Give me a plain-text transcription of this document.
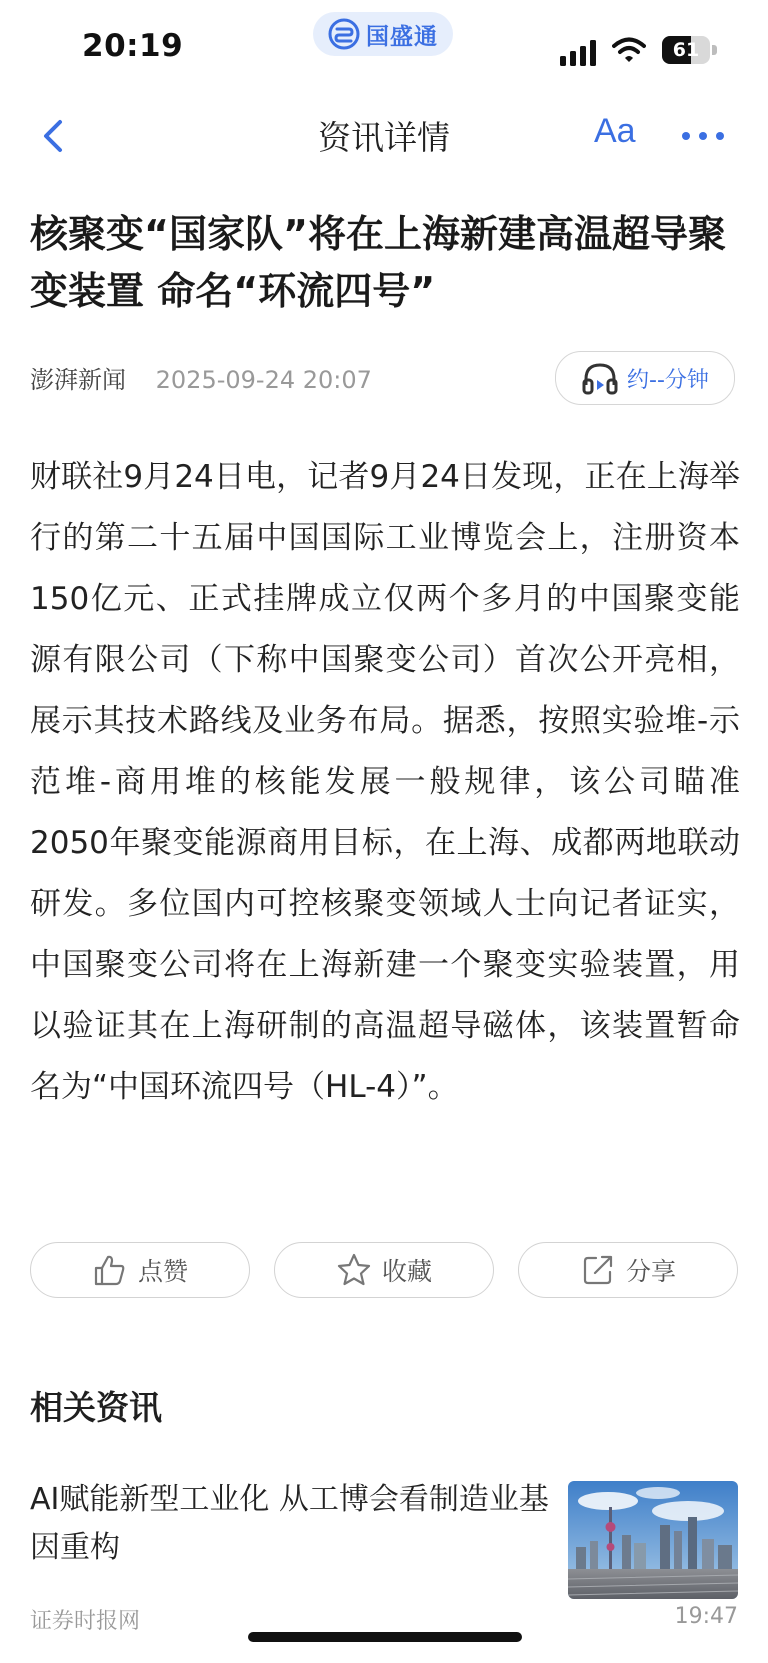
20:19	国盛通
61
资讯详情	Aa
核聚变“国家队”将在上海新建高温超导聚变装置 命名“环流四号”
澎湃新闻 2025-09-24 20:07	约--分钟
财联社9月24日电，记者9月24日发现，正在上海举行的第二十五届中国国际工业博览会上，注册资本150亿元、正式挂牌成立仅两个多月的中国聚变能源有限公司（下称中国聚变公司）首次公开亮相，展示其技术路线及业务布局。据悉，按照实验堆-示范堆-商用堆的核能发展一般规律，该公司瞄准2050年聚变能源商用目标，在上海、成都两地联动研发。多位国内可控核聚变领域人士向记者证实，中国聚变公司将在上海新建一个聚变实验装置，用以验证其在上海研制的高温超导磁体，该装置暂命名为“中国环流四号（HL-4）”。
点赞	收藏	分享
相关资讯
AI赋能新型工业化 从工博会看制造业基因重构
证券时报网	19:47
